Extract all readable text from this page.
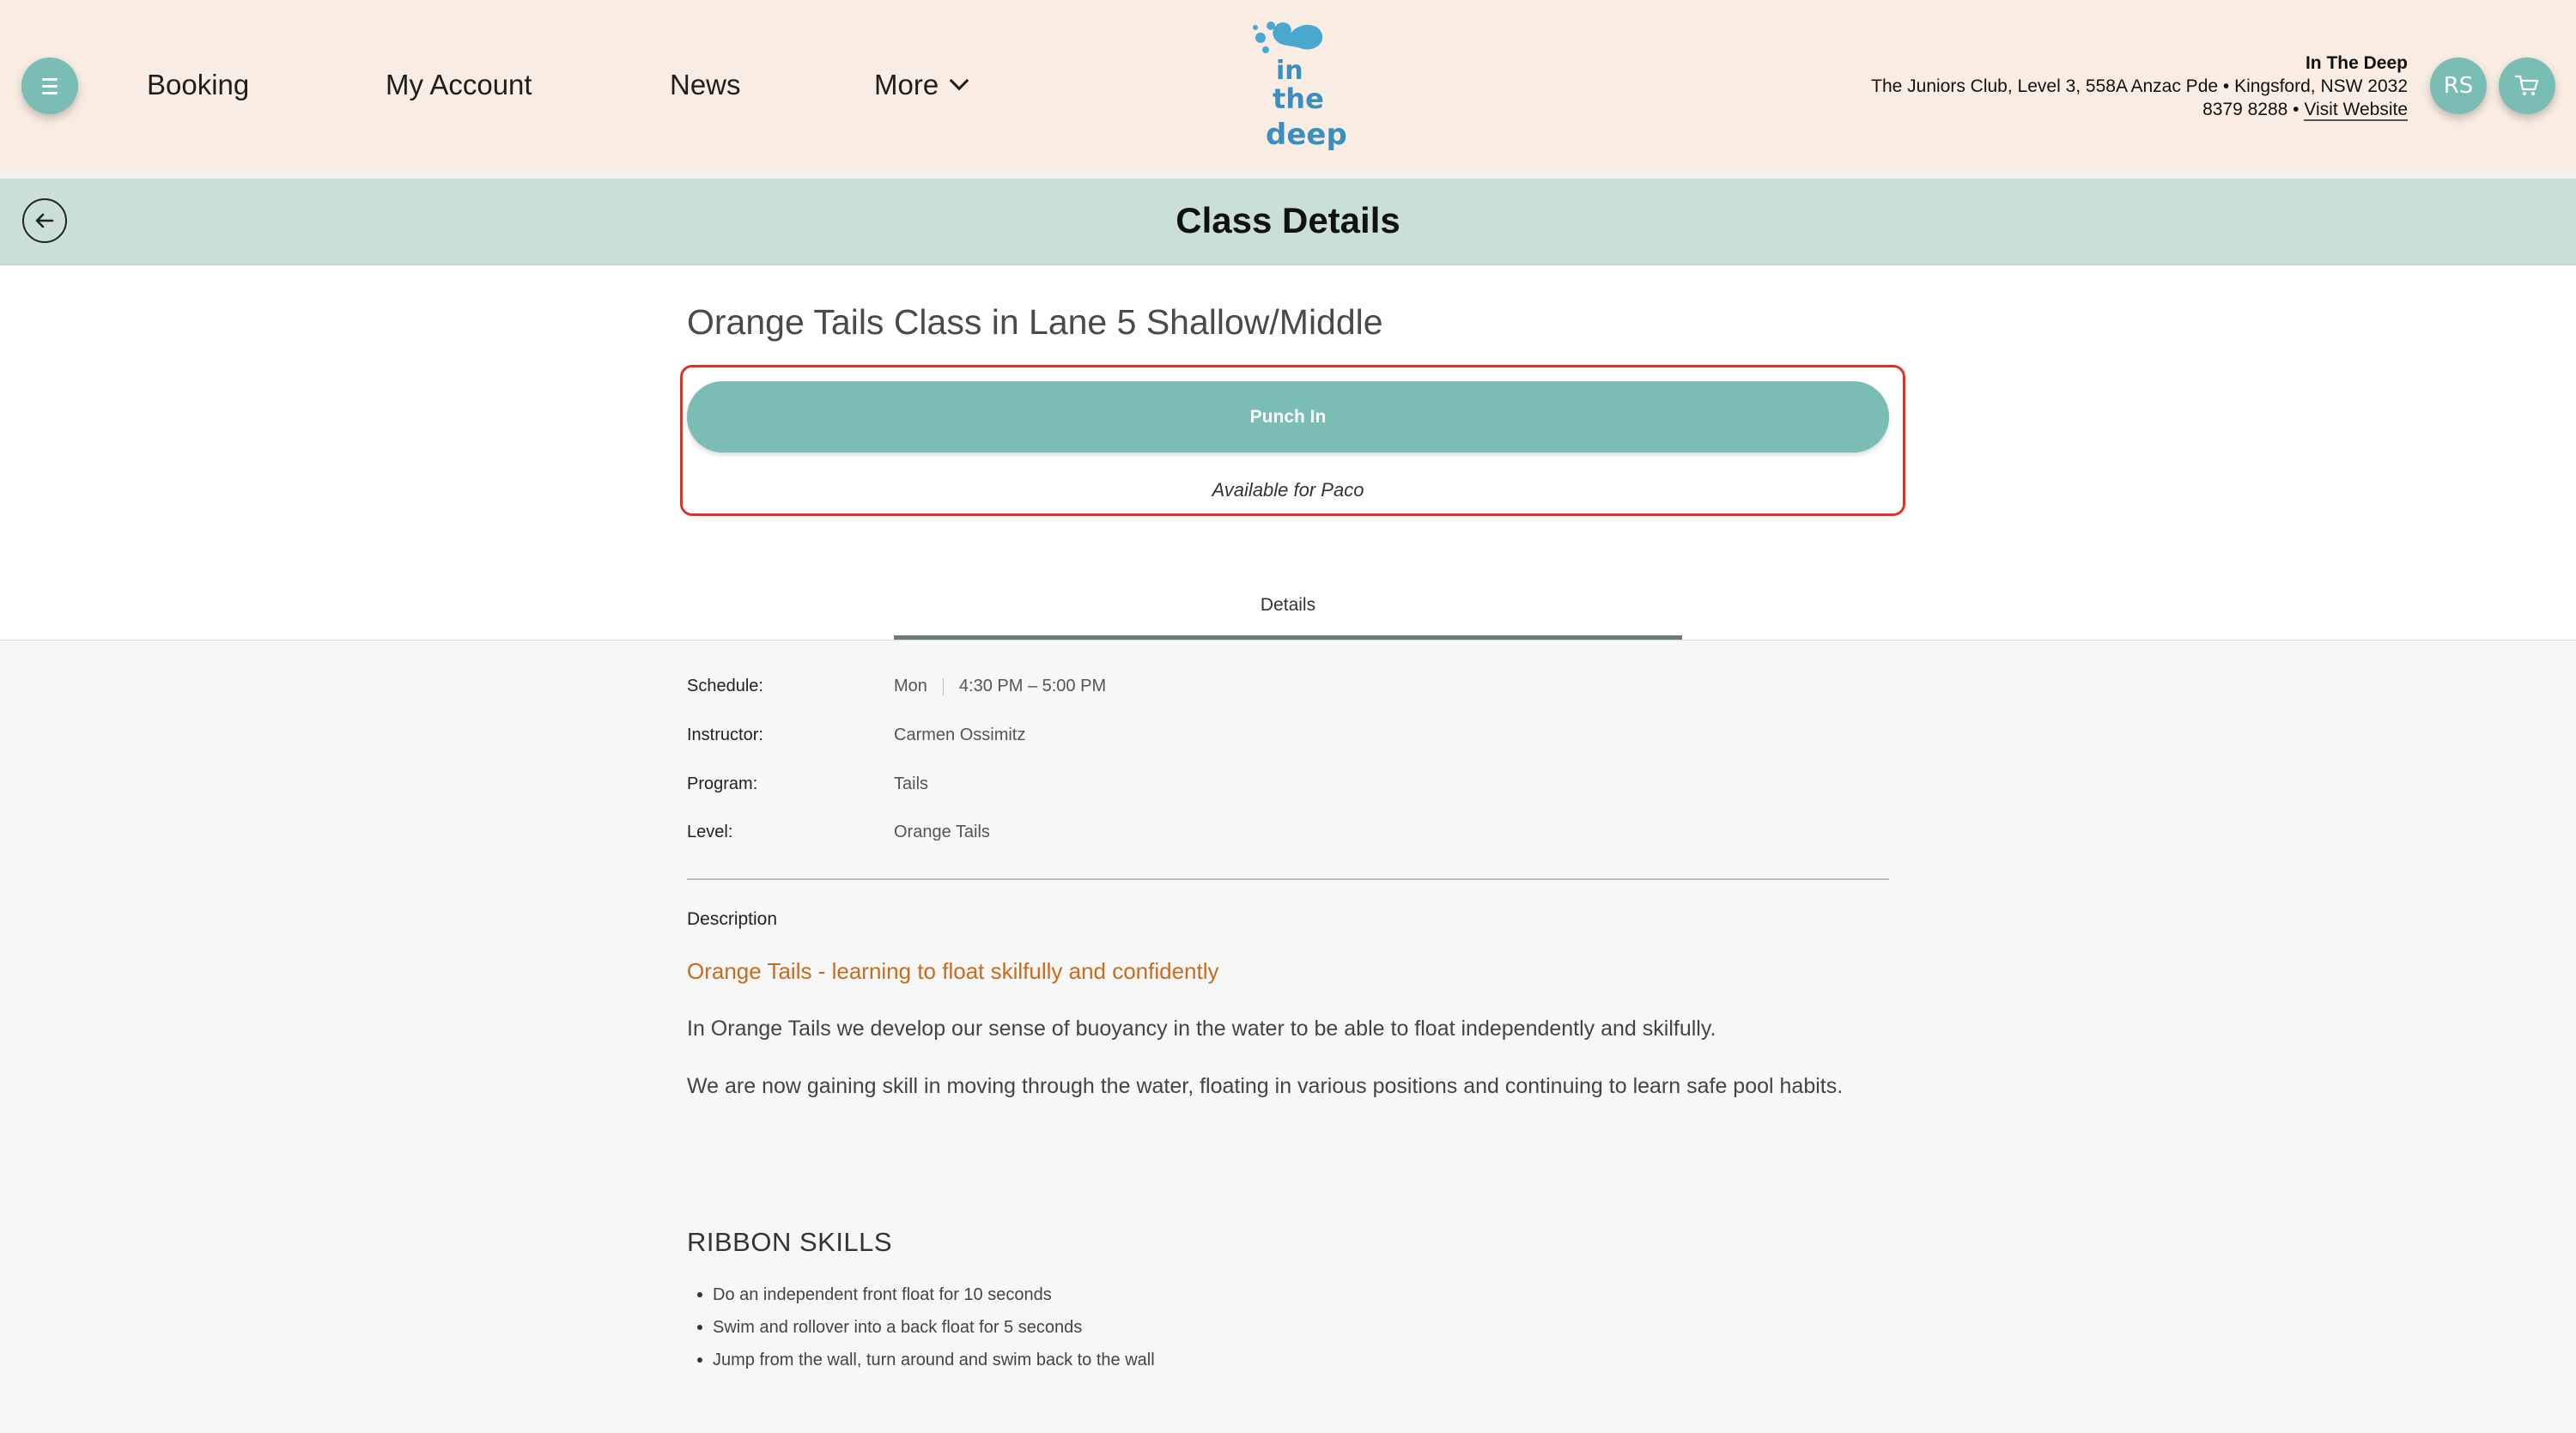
Booking	My Account	News	More	in
the
deep
In The Deep
The Juniors Club, Level 3, 558A Anzac Pde • Kingsford, NSW 2032
8379 8288 • Visit Website
RS
Class Details
Orange Tails Class in Lane 5 Shallow/Middle
Punch In
Available for Paco
Details
Schedule:	Mon 4:30 PM – 5:00 PM
Instructor:	Carmen Ossimitz
Program:	Tails
Level:	Orange Tails
Description
Orange Tails - learning to float skilfully and confidently
In Orange Tails we develop our sense of buoyancy in the water to be able to float independently and skilfully.
We are now gaining skill in moving through the water, floating in various positions and continuing to learn safe pool habits.
RIBBON SKILLS
Do an independent front float for 10 seconds
Swim and rollover into a back float for 5 seconds
Jump from the wall, turn around and swim back to the wall
